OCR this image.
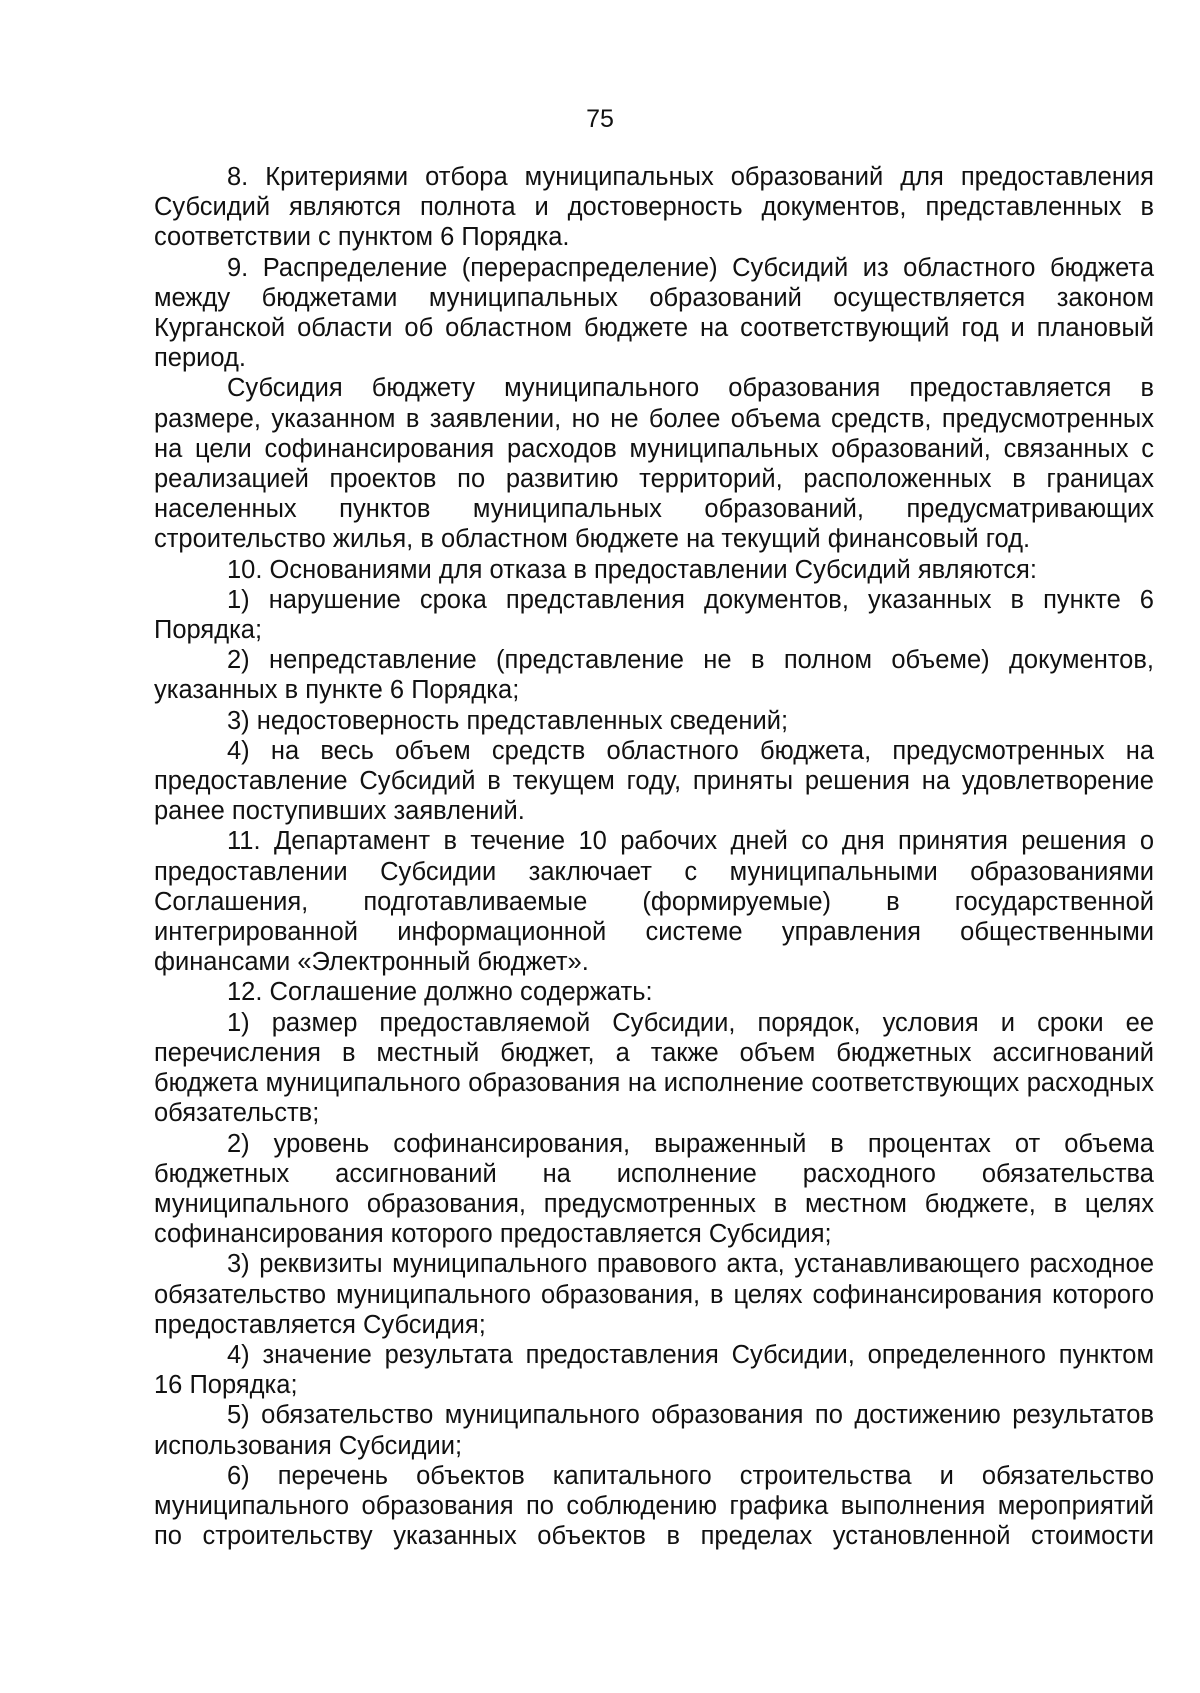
75

8. Критериями отбора муниципальных образований для предоставления Субсидий являются полнота и достоверность документов, представленных в соответствии с пунктом 6 Порядка.

9. Распределение (перераспределение) Субсидий из областного бюджета между бюджетами муниципальных образований осуществляется законом Курганской области об областном бюджете на соответствующий год и плановый период.

Субсидия бюджету муниципального образования предоставляется в размере, указанном в заявлении, но не более объема средств, предусмотренных на цели софинансирования расходов муниципальных образований, связанных с реализацией проектов по развитию территорий, расположенных в границах населенных пунктов муниципальных образований, предусматривающих строительство жилья, в областном бюджете на текущий финансовый год.

10. Основаниями для отказа в предоставлении Субсидий являются:

1) нарушение срока представления документов, указанных в пункте 6 Порядка;

2) непредставление (представление не в полном объеме) документов, указанных в пункте 6 Порядка;

3) недостоверность представленных сведений;

4) на весь объем средств областного бюджета, предусмотренных на предоставление Субсидий в текущем году, приняты решения на удовлетворение ранее поступивших заявлений.

11. Департамент в течение 10 рабочих дней со дня принятия решения о предоставлении Субсидии заключает с муниципальными образованиями Соглашения, подготавливаемые (формируемые) в государственной интегрированной информационной системе управления общественными финансами «Электронный бюджет».

12. Соглашение должно содержать:

1) размер предоставляемой Субсидии, порядок, условия и сроки ее перечисления в местный бюджет, а также объем бюджетных ассигнований бюджета муниципального образования на исполнение соответствующих расходных обязательств;

2) уровень софинансирования, выраженный в процентах от объема бюджетных ассигнований на исполнение расходного обязательства муниципального образования, предусмотренных в местном бюджете, в целях софинансирования которого предоставляется Субсидия;

3) реквизиты муниципального правового акта, устанавливающего расходное обязательство муниципального образования, в целях софинансирования которого предоставляется Субсидия;

4) значение результата предоставления Субсидии, определенного пунктом 16 Порядка;

5) обязательство муниципального образования по достижению результатов использования Субсидии;

6) перечень объектов капитального строительства и обязательство муниципального образования по соблюдению графика выполнения мероприятий по строительству указанных объектов в пределах установленной стоимости
